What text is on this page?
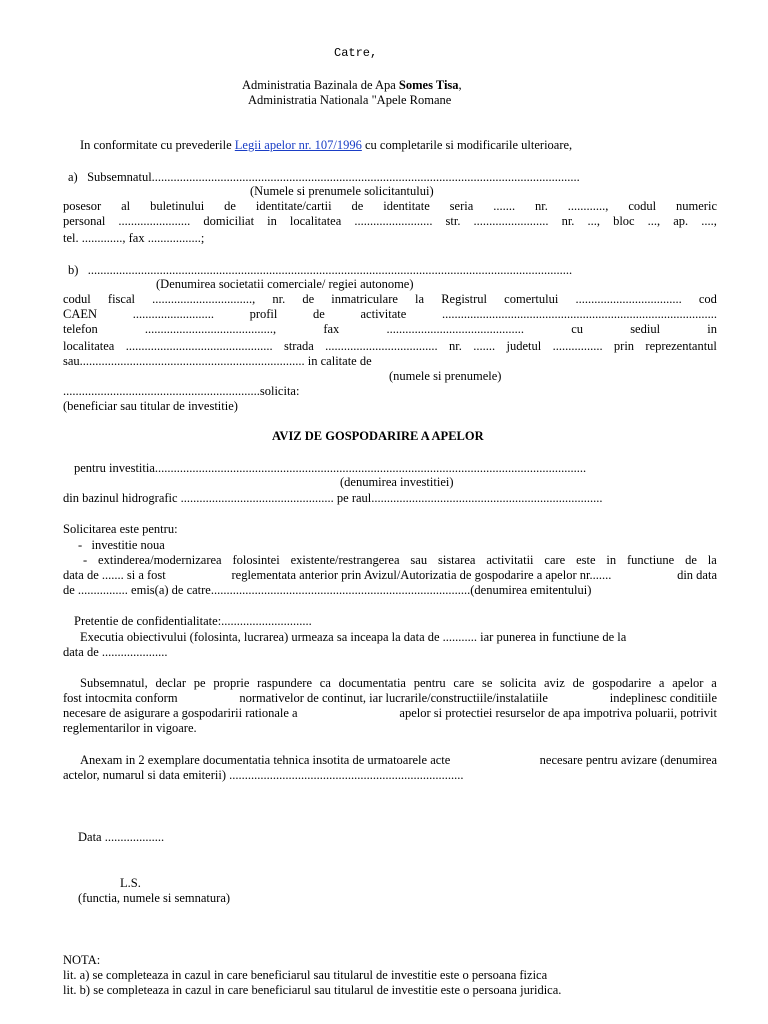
Catre,
Administratia Bazinala de Apa Somes Tisa,
Administratia Nationala "Apele Romane
In conformitate cu prevederile Legii apelor nr. 107/1996 cu completarile si modificarile ulterioare,
a)   Subsemnatul.........................................................................................................................................
(Numele si prenumele solicitantului)
posesor al buletinului de identitate/cartii de identitate seria ....... nr. ............, codul numeric
personal ....................... domiciliat in localitatea ......................... str. ........................ nr. ..., bloc ..., ap. ....,
tel. ............., fax .................;
b)   ...........................................................................................................................................................
(Denumirea societatii comerciale/ regiei autonome)
codul fiscal ................................, nr. de inmatriculare la Registrul comertului .................................. cod
CAEN	..........................	profil	de	activitate	........................................................................................
telefon	.........................................,	fax	............................................	cu	sediul	in
localitatea ............................................... strada .................................... nr. ....... judetul ................ prin reprezentantul
sau........................................................................ in calitate de
(numele si prenumele)
...............................................................solicita:
(beneficiar sau titular de investitie)
AVIZ DE GOSPODARIRE A APELOR
pentru investitia..........................................................................................................................................
(denumirea investitiei)
din bazinul hidrografic ................................................. pe raul..........................................................................
Solicitarea este pentru:
-   investitie noua
- extinderea/modernizarea folosintei existente/restrangerea sau sistarea activitatii care este in functiune de la
data de ....... si a fost	reglementata anterior prin Avizul/Autorizatia de gospodarire a apelor nr.......	din data
de ................ emis(a) de catre...................................................................................(denumirea emitentului)
Pretentie de confidentialitate:.............................
Executia obiectivului (folosinta, lucrarea) urmeaza sa inceapa la data de ........... iar punerea in functiune de la
data de .....................
Subsemnatul, declar pe proprie raspundere ca documentatia pentru care se solicita aviz de gospodarire a apelor a
fost intocmita conform	normativelor de continut, iar lucrarile/constructiile/instalatiile	indeplinesc conditiile
necesare de asigurare a gospodaririi rationale a	apelor si protectiei resurselor de apa impotriva poluarii, potrivit
reglementarilor in vigoare.
Anexam in 2 exemplare documentatia tehnica insotita de urmatoarele acte	necesare pentru avizare (denumirea
actelor, numarul si data emiterii) ...........................................................................
Data ...................
L.S.
(functia, numele si semnatura)
NOTA:
lit. a) se completeaza in cazul in care beneficiarul sau titularul de investitie este o persoana fizica
lit. b) se completeaza in cazul in care beneficiarul sau titularul de investitie este o persoana juridica.
